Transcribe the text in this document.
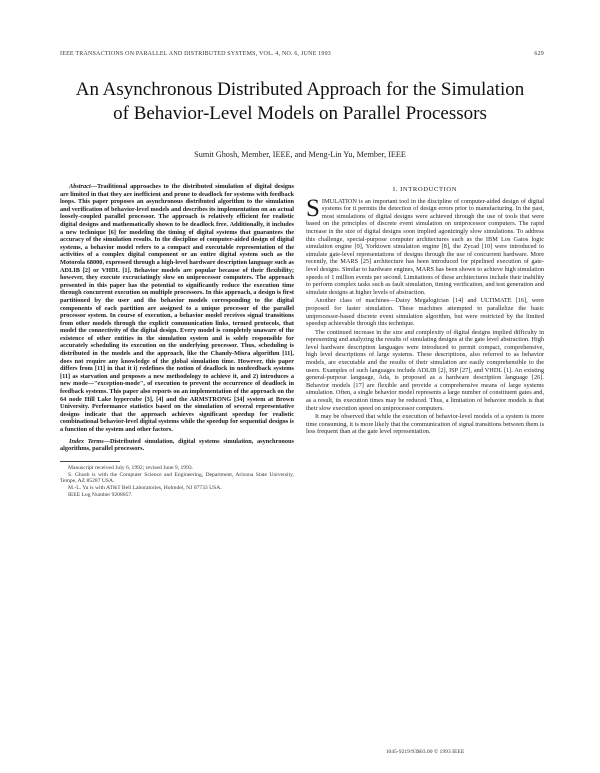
IEEE TRANSACTIONS ON PARALLEL AND DISTRIBUTED SYSTEMS, VOL. 4, NO. 6, JUNE 1993	629
An Asynchronous Distributed Approach for the Simulation of Behavior-Level Models on Parallel Processors
Sumit Ghosh, Member, IEEE, and Meng-Lin Yu, Member, IEEE

Abstract—Traditional approaches to the distributed simulation of digital designs are limited in that they are inefficient and prone to deadlock for systems with feedback loops. This paper proposes an asynchronous distributed algorithm to the simulation and verification of behavior-level models and describes its implementation on an actual loosely-coupled parallel processor. The approach is relatively efficient for realistic digital designs and mathematically shown to be deadlock free. Additionally, it includes a new technique [6] for modeling the timing of digital systems that guarantees the accuracy of the simulation results. In the discipline of computer-aided design of digital systems, a behavior model refers to a compact and executable representation of the activities of a complex digital component or an entire digital system such as the Motorola 68000, expressed through a high-level hardware description language such as ADLIB [2] or VHDL [1]. Behavior models are popular because of their flexibility; however, they execute excruciatingly slow on uniprocessor computers. The approach presented in this paper has the potential to significantly reduce the execution time through concurrent execution on multiple processors. In this approach, a design is first partitioned by the user and the behavior models corresponding to the digital components of each partition are assigned to a unique processor of the parallel processor system. In course of execution, a behavior model receives signal transitions from other models through the explicit communication links, termed protocols, that model the connectivity of the digital design. Every model is completely unaware of the existence of other entities in the simulation system and is solely responsible for accurately scheduling its execution on the underlying processor. Thus, scheduling is distributed in the models and the approach, like the Chandy-Misra algorithm [11], does not require any knowledge of the global simulation time. However, this paper differs from [11] in that it i) redefines the notion of deadlock in nonfeedback systems [11] as starvation and proposes a new methodology to achieve it, and 2) introduces a new mode—"exception-mode", of execution to prevent the occurrence of deadlock in feedback systems. This paper also reports on an implementation of the approach on the 64 node Hill Lake hypercube [3], [4] and the ARMSTRONG [34] system at Brown University. Performance statistics based on the simulation of several representative designs indicate that the approach achieves significant speedup for realistic combinational behavior-level digital systems while the speedup for sequential designs is a function of the system and other factors.

Index Terms—Distributed simulation, digital systems simulation, asynchronous algorithms, parallel processors.

Manuscript received July 6, 1992; revised June 9, 1993.

S. Ghosh is with the Computer Science and Engineering, Department, Arizona State University, Tempe, AZ 85287 USA.

M.-L. Yu is with AT&T Bell Laboratories, Holmdel, NJ 07733 USA.

IEEE Log Number 9208857.

I. INTRODUCTION

SIMULATION is an important tool in the discipline of computer-aided design of digital systems for it permits the detection of design errors prior to manufacturing. In the past, most simulations of digital designs were achieved through the use of tools that were based on the principles of discrete event simulation on uniprocessor computers. The rapid increase in the size of digital designs soon implied agonizingly slow simulations. To address this challenge, special-purpose computer architectures such as the IBM Los Gatos logic simulation engine [9], Yorktown simulation engine [8], the Zycad [10] were introduced to simulate gate-level representations of designs through the use of concurrent hardware. More recently, the MARS [25] architecture has been introduced for pipelined execution of gate-level designs. Similar to hardware engines, MARS has been shown to achieve high simulation speeds of 1 million events per second. Limitations of these architectures include their inability to perform complex tasks such as fault simulation, timing verification, and test generation and simulate designs at higher levels of abstraction.

Another class of machines—Daisy Megalogician [14] and ULTIMATE [16], were proposed for faster simulation. These machines attempted to parallelize the basic uniprocessor-based discrete event simulation algorithm, but were restricted by the limited speedup achievable through this technique.

The continued increase in the size and complexity of digital designs implied difficulty in representing and analyzing the results of simulating designs at the gate level abstraction. High level hardware description languages were introduced to permit compact, comprehensive, high level descriptions of large systems. These descriptions, also referred to as behavior models, are executable and the results of their simulation are easily comprehensible to the users. Examples of such languages include ADLIB [2], ISP [27], and VHDL [1]. An existing general-purpose language, Ada, is proposed as a hardware description language [26]. Behavior models [17] are flexible and provide a comprehensive means of large systems simulation. Often, a single behavior model represents a large number of constituent gates and, as a result, its execution times may be reduced. Thus, a limitation of behavior models is that their slow execution speed on uniprocessor computers.

It may be observed that while the execution of behavior-level models of a system is more time consuming, it is more likely that the communication of signal transitions between them is less frequent than at the gate level representation.

1045-9219/93$03.00 © 1993 IEEE
